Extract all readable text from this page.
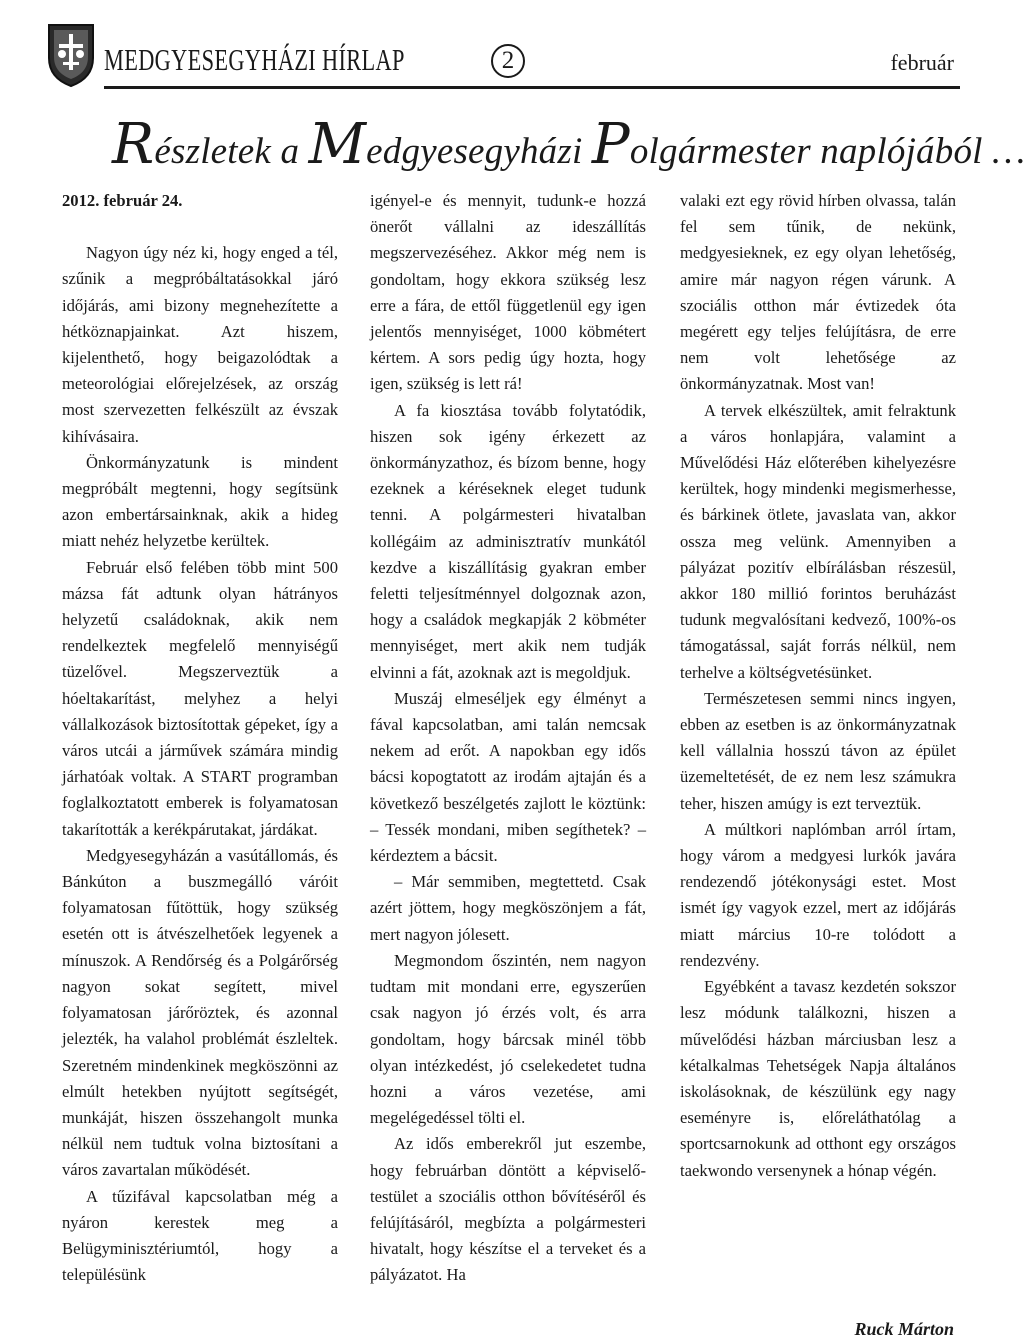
MEDGYESEGYHÁZI HÍRLAP	2	február
Részletek a Medgyesegyházi Polgármester naplójából …
2012. február 24.

Nagyon úgy néz ki, hogy enged a tél, szűnik a megpróbáltatásokkal járó időjárás, ami bizony megnehezítette a hétköznapjainkat. Azt hiszem, kijelenthető, hogy beigazolódtak a meteorológiai előrejelzések, az ország most szervezetten felkészült az évszak kihívásaira.

Önkormányzatunk is mindent megpróbált megtenni, hogy segítsünk azon embertársainknak, akik a hideg miatt nehéz helyzetbe kerültek.

Február első felében több mint 500 mázsa fát adtunk olyan hátrányos helyzetű családoknak, akik nem rendelkeztek megfelelő mennyiségű tüzelővel. Megszerveztük a hóeltakarítást, melyhez a helyi vállalkozások biztosítottak gépeket, így a város utcái a járművek számára mindig járhatóak voltak. A START programban foglalkoztatott emberek is folyamatosan takarították a kerékpárutakat, járdákat.

Medgyesegyházán a vasútállomás, és Bánkúton a buszmegálló váróit folyamatosan fűtöttük, hogy szükség esetén ott is átvészelhetőek legyenek a mínuszok. A Rendőrség és a Polgárőrség nagyon sokat segített, mivel folyamatosan járőröztek, és azonnal jelezték, ha valahol problémát észleltek. Szeretném mindenkinek megköszönni az elmúlt hetekben nyújtott segítségét, munkáját, hiszen összehangolt munka nélkül nem tudtuk volna biztosítani a város zavartalan működését.

A tűzifával kapcsolatban még a nyáron kerestek meg a Belügyminisztériumtól, hogy a településünk

igényel-e és mennyit, tudunk-e hozzá önerőt vállalni az ideszállítás megszervezéséhez. Akkor még nem is gondoltam, hogy ekkora szükség lesz erre a fára, de ettől függetlenül egy igen jelentős mennyiséget, 1000 köbmétert kértem. A sors pedig úgy hozta, hogy igen, szükség is lett rá!

A fa kiosztása tovább folytatódik, hiszen sok igény érkezett az önkormányzathoz, és bízom benne, hogy ezeknek a kéréseknek eleget tudunk tenni. A polgármesteri hivatalban kollégáim az adminisztratív munkától kezdve a kiszállításig gyakran ember feletti teljesítménnyel dolgoznak azon, hogy a családok megkapják 2 köbméter mennyiséget, mert akik nem tudják elvinni a fát, azoknak azt is megoldjuk.

Muszáj elmeséljek egy élményt a fával kapcsolatban, ami talán nemcsak nekem ad erőt. A napokban egy idős bácsi kopogtatott az irodám ajtaján és a következő beszélgetés zajlott le köztünk: – Tessék mondani, miben segíthetek? – kérdeztem a bácsit.

– Már semmiben, megtettetd. Csak azért jöttem, hogy megköszönjem a fát, mert nagyon jólesett.

Megmondom őszintén, nem nagyon tudtam mit mondani erre, egyszerűen csak nagyon jó érzés volt, és arra gondoltam, hogy bárcsak minél több olyan intézkedést, jó cselekedetet tudna hozni a város vezetése, ami megelégedéssel tölti el.

Az idős emberekről jut eszembe, hogy februárban döntött a képviselő-testület a szociális otthon bővítéséről és felújításáról, megbízta a polgármesteri hivatalt, hogy készítse el a terveket és a pályázatot. Ha

valaki ezt egy rövid hírben olvassa, talán fel sem tűnik, de nekünk, medgyesieknek, ez egy olyan lehetőség, amire már nagyon régen várunk. A szociális otthon már évtizedek óta megérett egy teljes felújításra, de erre nem volt lehetősége az önkormányzatnak. Most van!

A tervek elkészültek, amit felraktunk a város honlapjára, valamint a Művelődési Ház előterében kihelyezésre kerültek, hogy mindenki megismerhesse, és bárkinek ötlete, javaslata van, akkor ossza meg velünk. Amennyiben a pályázat pozitív elbírálásban részesül, akkor 180 millió forintos beruházást tudunk megvalósítani kedvező, 100%-os támogatással, saját forrás nélkül, nem terhelve a költségvetésünket.

Természetesen semmi nincs ingyen, ebben az esetben is az önkormányzatnak kell vállalnia hosszú távon az épület üzemeltetését, de ez nem lesz számukra teher, hiszen amúgy is ezt terveztük.

A múltkori naplómban arról írtam, hogy várom a medgyesi lurkók javára rendezendő jótékonysági estet. Most ismét így vagyok ezzel, mert az időjárás miatt március 10-re tolódott a rendezvény.

Egyébként a tavasz kezdetén sokszor lesz módunk találkozni, hiszen a művelődési házban márciusban lesz a kétalkalmas Tehetségek Napja általános iskolásoknak, de készülünk egy nagy eseményre is, előreláthatólag a sportcsarnokunk ad otthont egy országos taekwondo versenynek a hónap végén.

Ruck Márton
